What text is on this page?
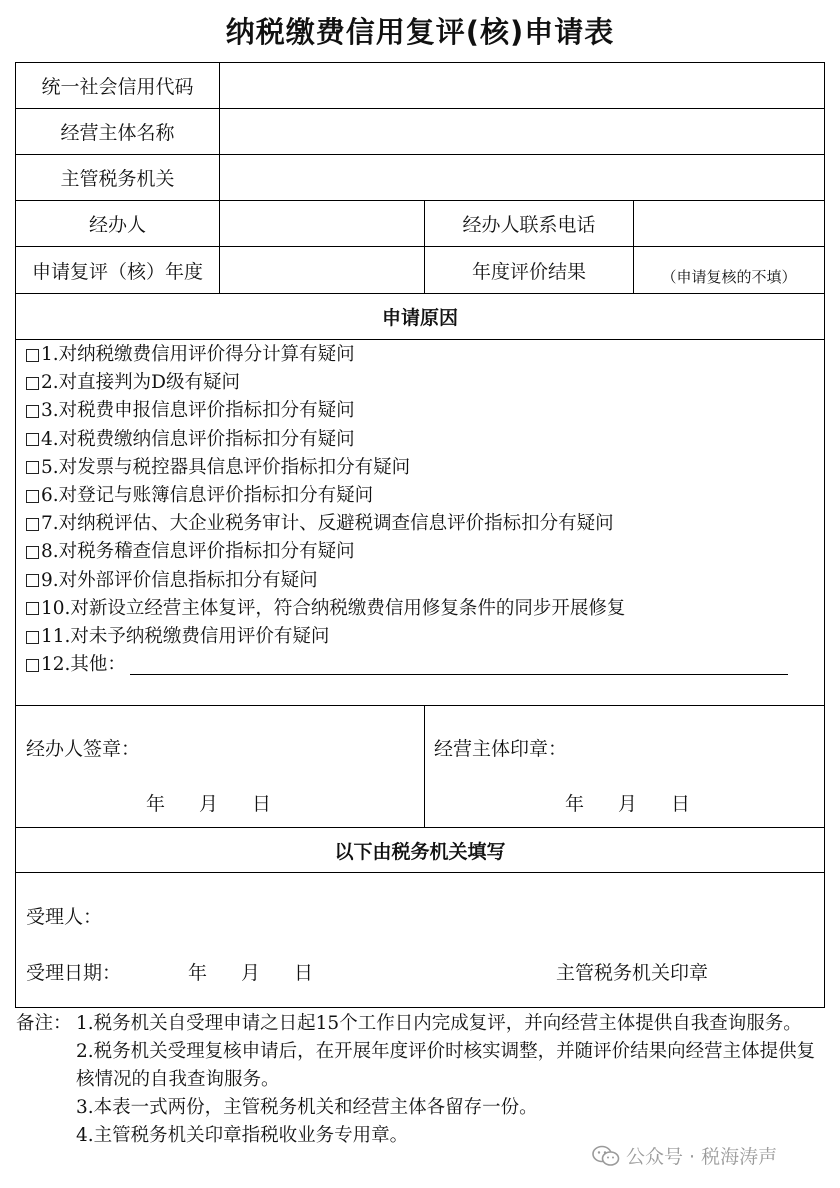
纳税缴费信用复评(核)申请表
统一社会信用代码
经营主体名称
主管税务机关
经办人	经办人联系电话
申请复评（核）年度	年度评价结果	（申请复核的不填）
申请原因
1.对纳税缴费信用评价得分计算有疑问
2.对直接判为D级有疑问
3.对税费申报信息评价指标扣分有疑问
4.对税费缴纳信息评价指标扣分有疑问
5.对发票与税控器具信息评价指标扣分有疑问
6.对登记与账簿信息评价指标扣分有疑问
7.对纳税评估、大企业税务审计、反避税调查信息评价指标扣分有疑问
8.对税务稽查信息评价指标扣分有疑问
9.对外部评价信息指标扣分有疑问
10.对新设立经营主体复评，符合纳税缴费信用修复条件的同步开展修复
11.对未予纳税缴费信用评价有疑问
12.其他：
经办人签章：	经营主体印章：
年 月 日	年 月 日
以下由税务机关填写
受理人：
受理日期：	年 月 日	主管税务机关印章
备注： 1.税务机关自受理申请之日起15个工作日内完成复评，并向经营主体提供自我查询服务。
2.税务机关受理复核申请后，在开展年度评价时核实调整，并随评价结果向经营主体提供复核情况的自我查询服务。
3.本表一式两份，主管税务机关和经营主体各留存一份。
4.主管税务机关印章指税收业务专用章。
公众号 · 税海涛声
